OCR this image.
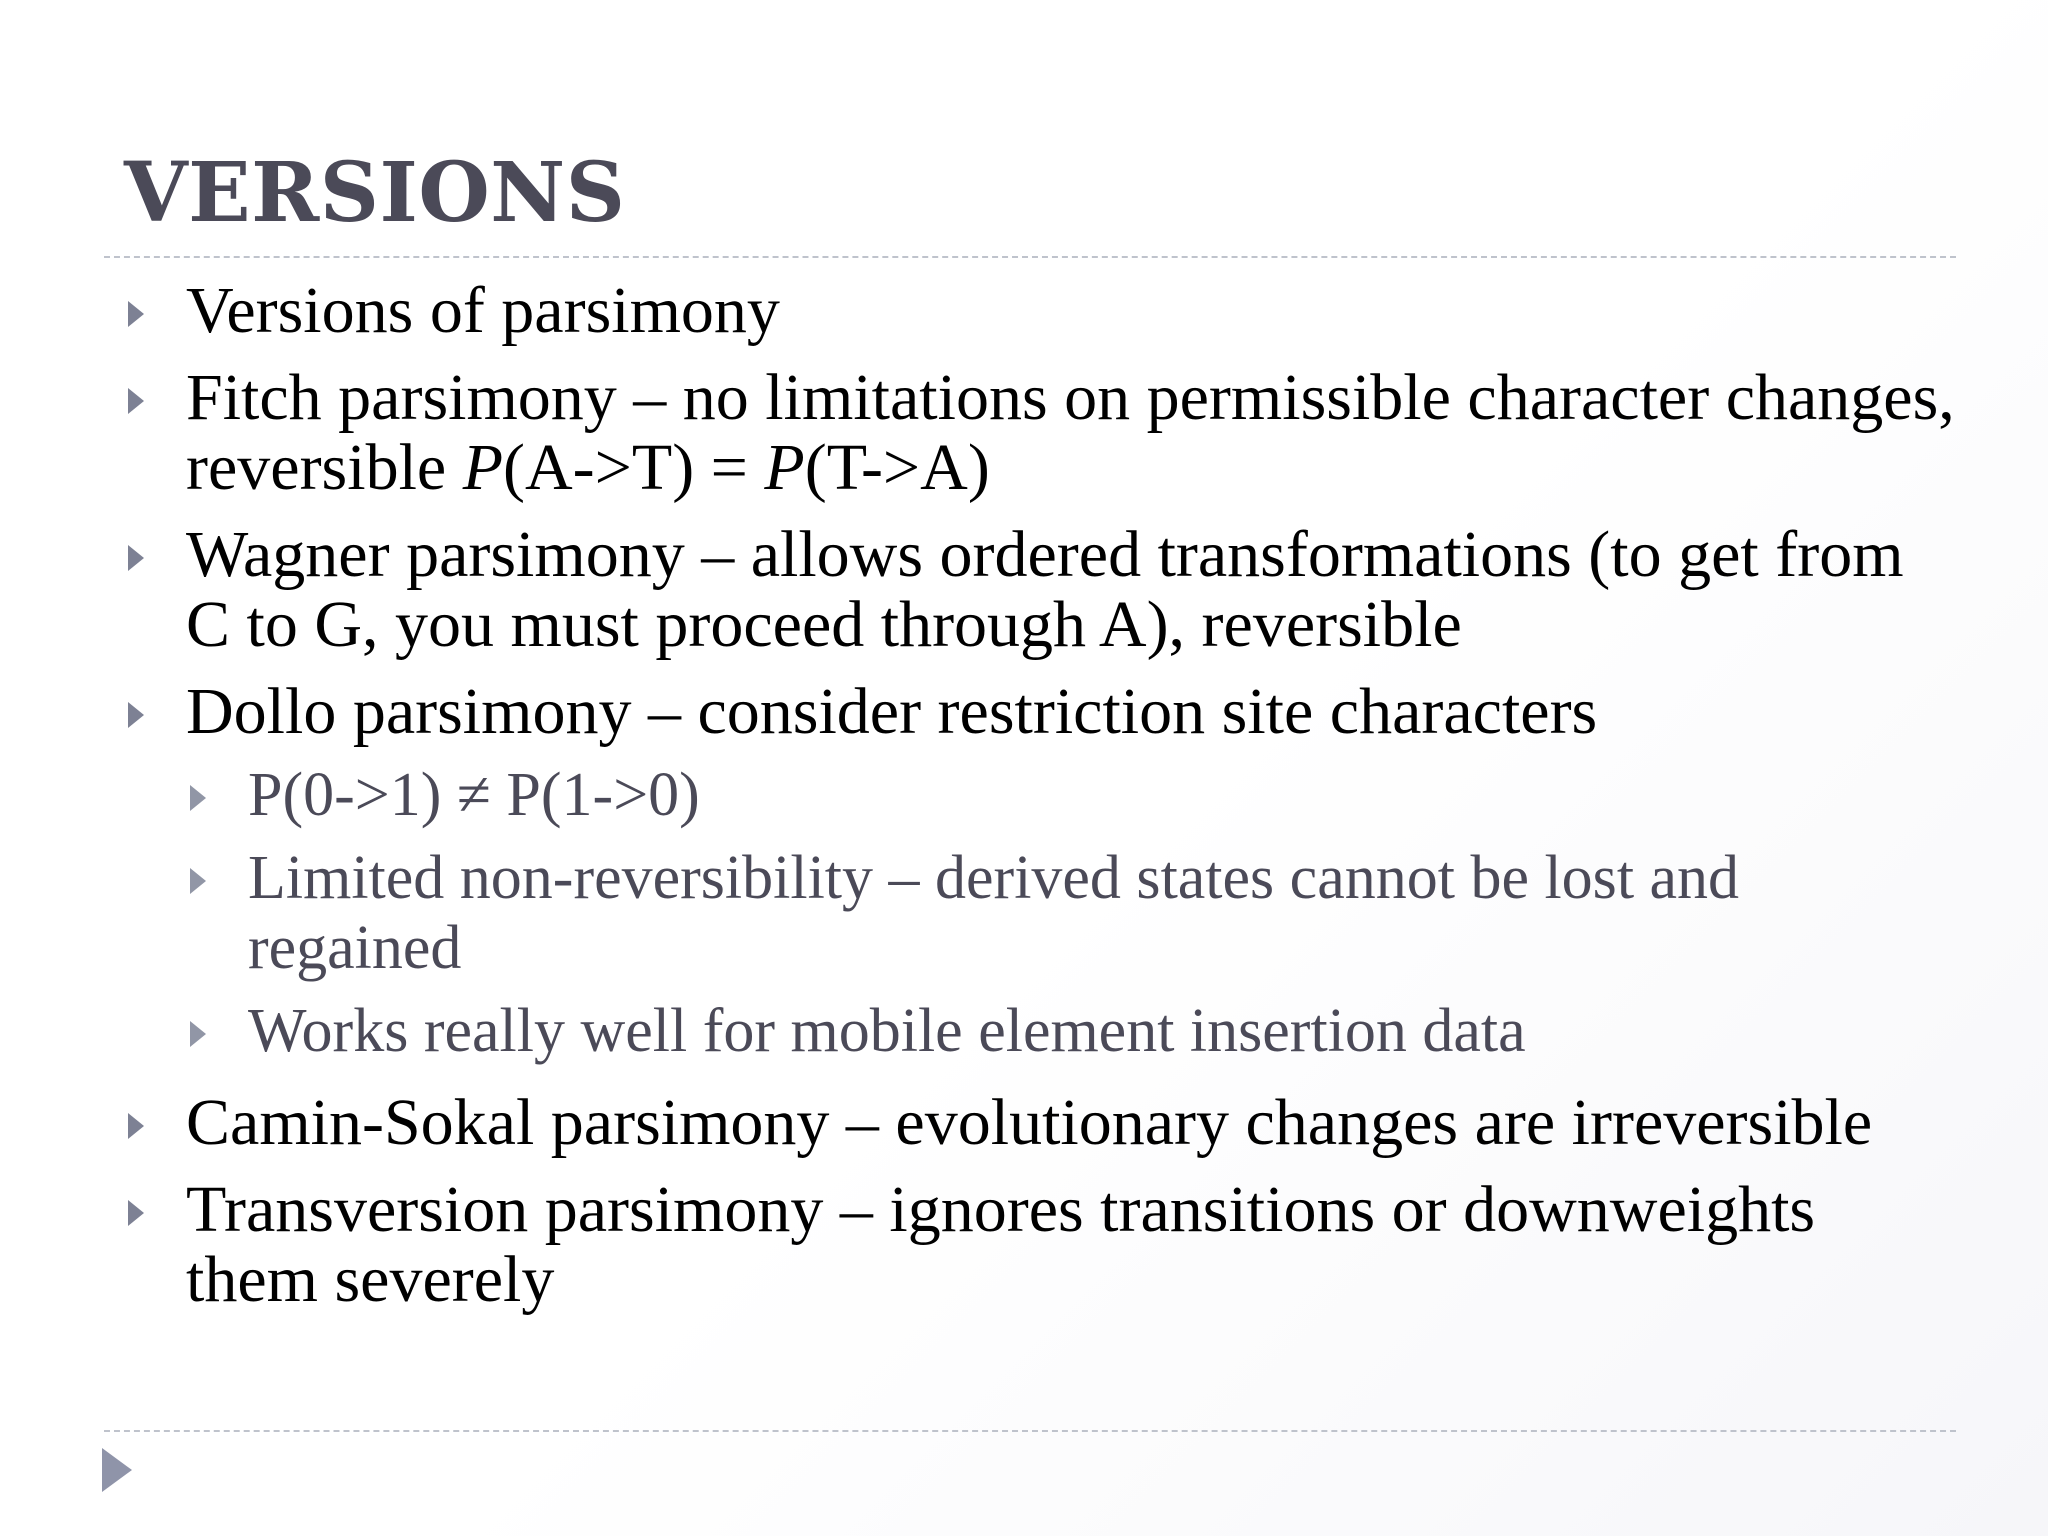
VERSIONS
Versions of parsimony
Fitch parsimony – no limitations on permissible character changes, reversible P(A->T) = P(T->A)
Wagner parsimony – allows ordered transformations (to get from C to G, you must proceed through A), reversible
Dollo parsimony – consider restriction site characters
P(0->1) ≠ P(1->0)
Limited non-reversibility – derived states cannot be lost and regained
Works really well for mobile element insertion data
Camin-Sokal parsimony – evolutionary changes are irreversible
Transversion parsimony – ignores transitions or downweights them severely
